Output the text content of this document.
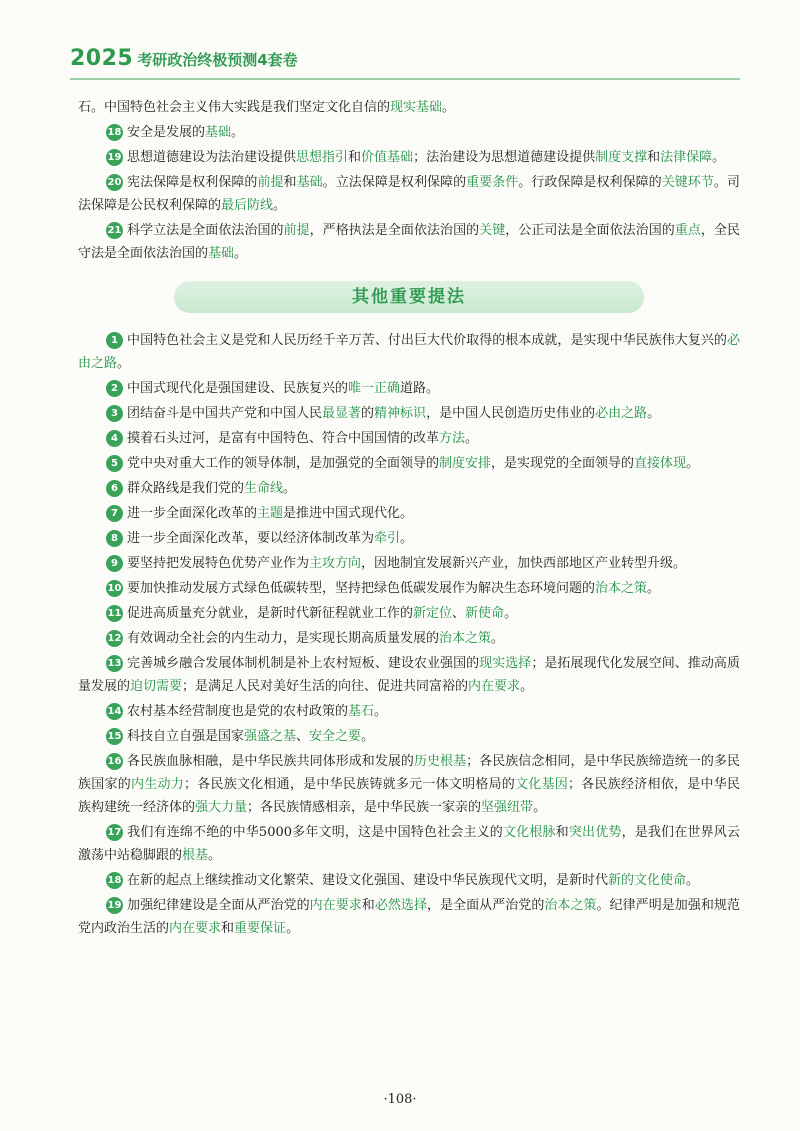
2025 考研政治终极预测4套卷
石。中国特色社会主义伟大实践是我们坚定文化自信的现实基础。
18 安全是发展的基础。
19 思想道德建设为法治建设提供思想指引和价值基础；法治建设为思想道德建设提供制度支撑和法律保障。
20 宪法保障是权利保障的前提和基础。立法保障是权利保障的重要条件。行政保障是权利保障的关键环节。司法保障是公民权利保障的最后防线。
21 科学立法是全面依法治国的前提，严格执法是全面依法治国的关键，公正司法是全面依法治国的重点，全民守法是全面依法治国的基础。
其他重要提法
1 中国特色社会主义是党和人民历经千辛万苦、付出巨大代价取得的根本成就，是实现中华民族伟大复兴的必由之路。
2 中国式现代化是强国建设、民族复兴的唯一正确道路。
3 团结奋斗是中国共产党和中国人民最显著的精神标识，是中国人民创造历史伟业的必由之路。
4 摸着石头过河，是富有中国特色、符合中国国情的改革方法。
5 党中央对重大工作的领导体制，是加强党的全面领导的制度安排，是实现党的全面领导的直接体现。
6 群众路线是我们党的生命线。
7 进一步全面深化改革的主题是推进中国式现代化。
8 进一步全面深化改革，要以经济体制改革为牵引。
9 要坚持把发展特色优势产业作为主攻方向，因地制宜发展新兴产业，加快西部地区产业转型升级。
10 要加快推动发展方式绿色低碳转型，坚持把绿色低碳发展作为解决生态环境问题的治本之策。
11 促进高质量充分就业，是新时代新征程就业工作的新定位、新使命。
12 有效调动全社会的内生动力，是实现长期高质量发展的治本之策。
13 完善城乡融合发展体制机制是补上农村短板、建设农业强国的现实选择；是拓展现代化发展空间、推动高质量发展的迫切需要；是满足人民对美好生活的向往、促进共同富裕的内在要求。
14 农村基本经营制度也是党的农村政策的基石。
15 科技自立自强是国家强盛之基、安全之要。
16 各民族血脉相融，是中华民族共同体形成和发展的历史根基；各民族信念相同，是中华民族缔造统一的多民族国家的内生动力；各民族文化相通，是中华民族铸就多元一体文明格局的文化基因；各民族经济相依，是中华民族构建统一经济体的强大力量；各民族情感相亲，是中华民族一家亲的坚强纽带。
17 我们有连绵不绝的中华5000多年文明，这是中国特色社会主义的文化根脉和突出优势，是我们在世界风云激荡中站稳脚跟的根基。
18 在新的起点上继续推动文化繁荣、建设文化强国、建设中华民族现代文明，是新时代新的文化使命。
19 加强纪律建设是全面从严治党的内在要求和必然选择，是全面从严治党的治本之策。纪律严明是加强和规范党内政治生活的内在要求和重要保证。
·108·
